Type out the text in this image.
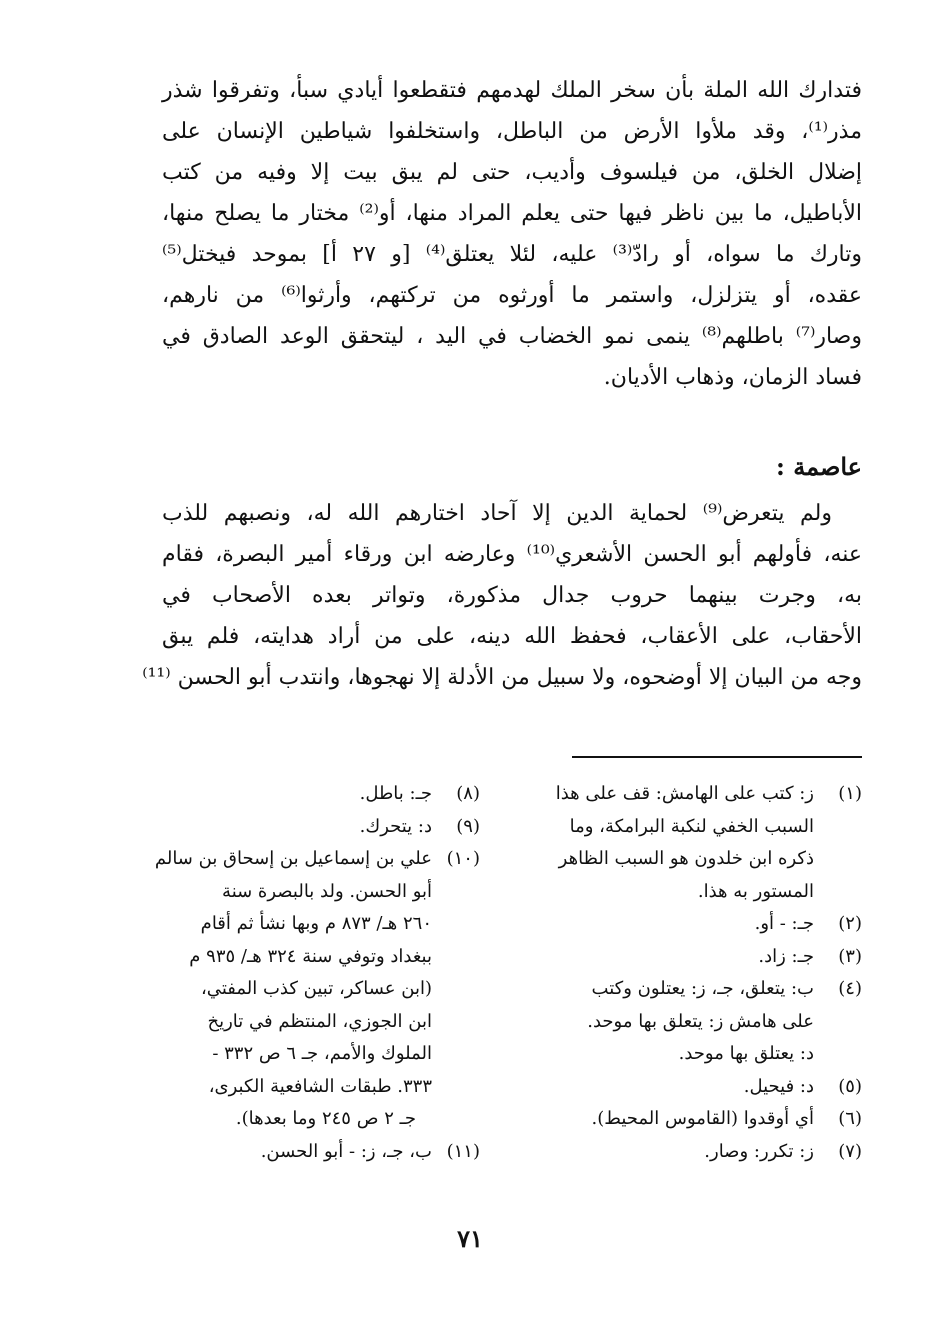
فتدارك الله الملة بأن سخر الملك لهدمهم فتقطعوا أيادي سبأ، وتفرقوا شذر
مذر⁽¹⁾، وقد ملأوا الأرض من الباطل، واستخلفوا شياطين الإنسان على
إضلال الخلق، من فيلسوف وأديب، حتى لم يبق بيت إلا وفيه من كتب
الأباطيل، ما بين ناظر فيها حتى يعلم المراد منها، أو⁽²⁾ مختار ما يصلح منها،
وتارك ما سواه، أو رادّ⁽³⁾ عليه، لئلا يعتلق⁽⁴⁾ [و ٢٧ أ] بموحد فيختل⁽⁵⁾
عقده، أو يتزلزل، واستمر ما أورثوه من تركتهم، وأرثوا⁽⁶⁾ من نارهم،
وصار⁽⁷⁾ باطلهم⁽⁸⁾ ينمى نمو الخضاب في اليد ، ليتحقق الوعد الصادق في
فساد الزمان، وذهاب الأديان.
عاصمة :
ولم يتعرض⁽⁹⁾ لحماية الدين إلا آحاد اختارهم الله له، ونصبهم للذب
عنه، فأولهم أبو الحسن الأشعري⁽¹⁰⁾ وعارضه ابن ورقاء أمير البصرة، فقام
به، وجرت بينهما حروب جدال مذكورة، وتواتر بعده الأصحاب في
الأحقاب، على الأعقاب، فحفظ الله دينه، على من أراد هدايته، فلم يبق
وجه من البيان إلا أوضحوه، ولا سبيل من الأدلة إلا نهجوها، وانتدب أبو الحسن ⁽¹¹⁾
(١)ز: كتب على الهامش: قف على هذا
السبب الخفي لنكبة البرامكة، وما
ذكره ابن خلدون هو السبب الظاهر
المستور به هذا.
(٢)جـ: - أو.
(٣)جـ: زاد.
(٤)ب: يتعلق، جـ، ز: يعتلون وكتب
على هامش ز: يتعلق بها موحد.
د: يعتلق بها موحد.
(٥)د: فيحيل.
(٦)أي أوقدوا (القاموس المحيط).
(٧)ز: تكرر: وصار.
(٨)جـ: باطل.
(٩)د: يتحرك.
(١٠)علي بن إسماعيل بن إسحاق بن سالم
أبو الحسن. ولد بالبصرة سنة
٢٦٠ هـ/ ٨٧٣ م وبها نشأ ثم أقام
ببغداد وتوفي سنة ٣٢٤ هـ/ ٩٣٥ م
(ابن عساكر، تبين كذب المفتي،
ابن الجوزي، المنتظم في تاريخ
الملوك والأمم، جـ ٦ ص ٣٣٢ -
٣٣٣. طبقات الشافعية الكبرى،
جـ ٢ ص ٢٤٥ وما بعدها).
(١١)ب، جـ، ز: - أبو الحسن.
٧١
